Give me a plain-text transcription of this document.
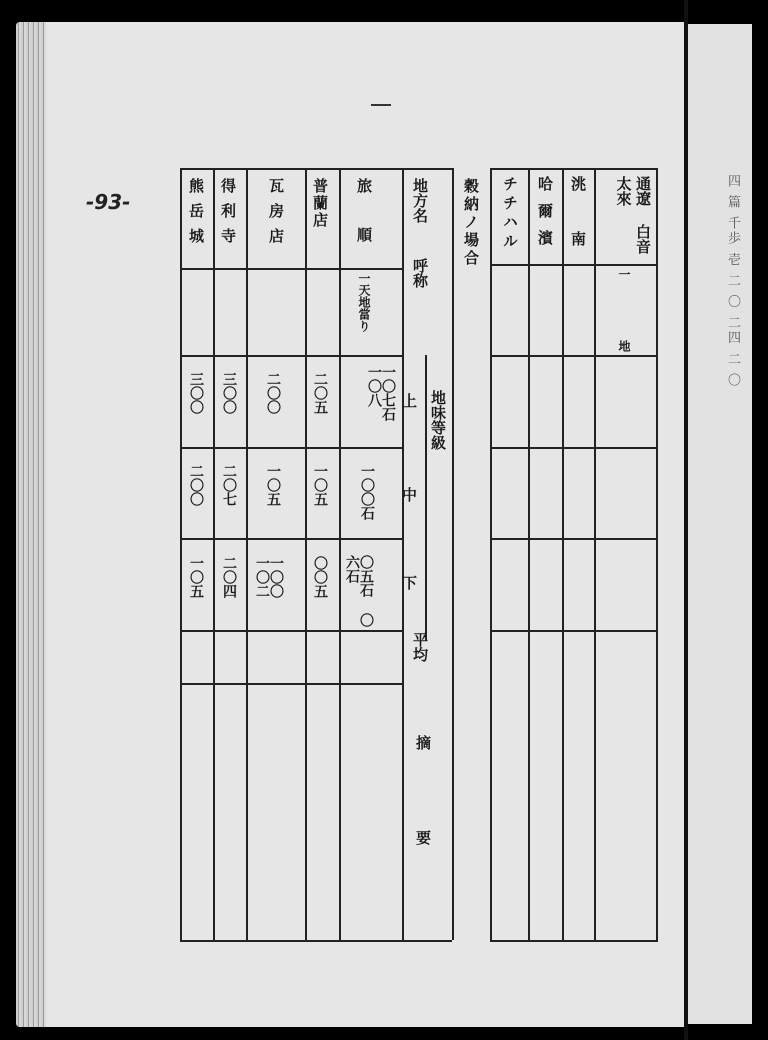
四 篇 千歩 壱 二 〇 二四 二 〇
-93-	地方名
呼称
地味等級
上
中
下
平均
摘要
旅順
一天地當り
一〇七石 一〇八
一〇〇石
〇五石 〇六石
普蘭店
二〇五
一〇五
〇〇五
瓦房店
二〇〇
一〇五
一〇〇 一〇二
得利寺
三〇〇
二〇七
二〇四
熊岳城
三〇〇
二〇〇
一〇五
穀納ノ場合	通遼 白音太來
一地
洮南
哈爾濱
チチハル
